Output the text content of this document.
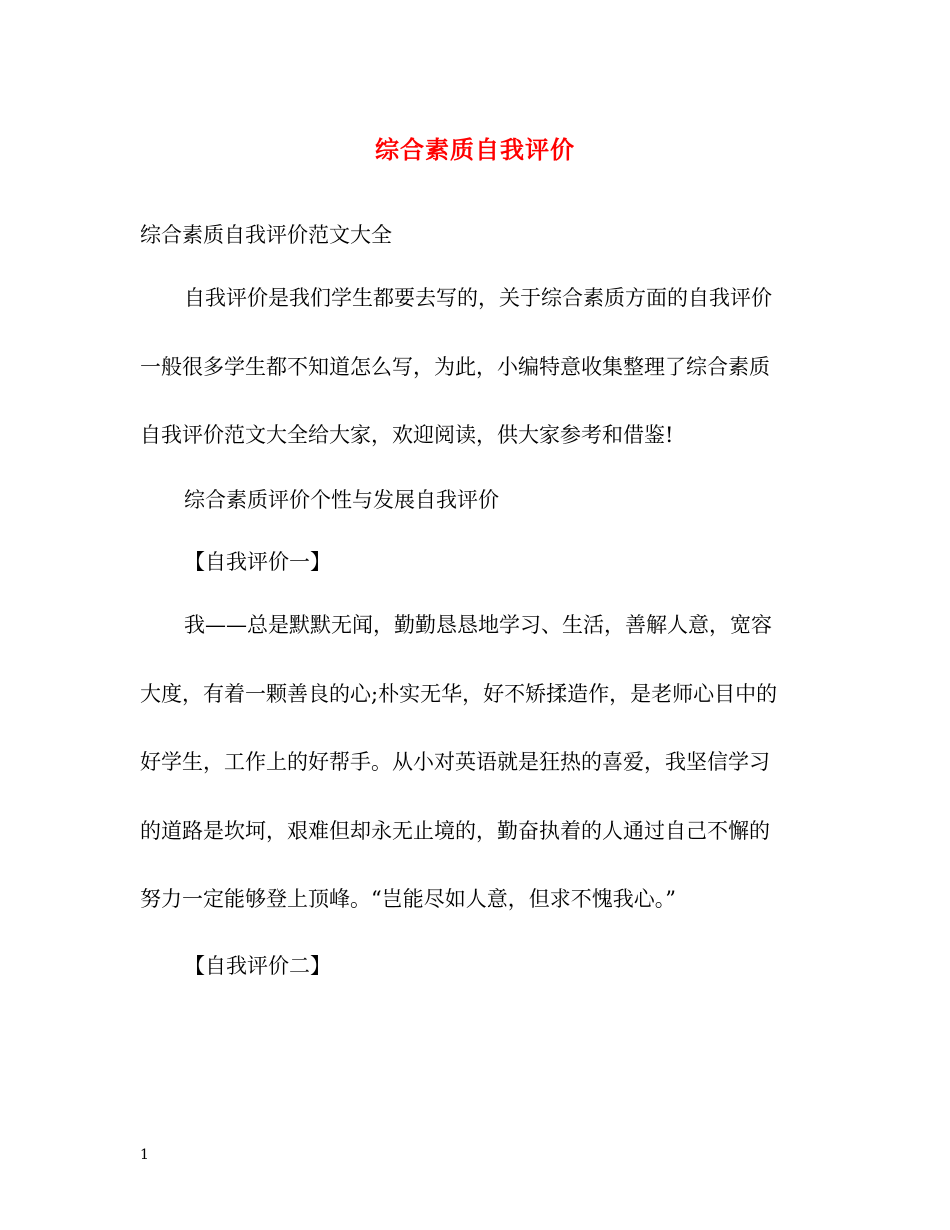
综合素质自我评价
综合素质自我评价范文大全
自我评价是我们学生都要去写的，关于综合素质方面的自我评价
一般很多学生都不知道怎么写，为此，小编特意收集整理了综合素质
自我评价范文大全给大家，欢迎阅读，供大家参考和借鉴!
综合素质评价个性与发展自我评价
【自我评价一】
我——总是默默无闻，勤勤恳恳地学习、生活，善解人意，宽容
大度，有着一颗善良的心;朴实无华，好不矫揉造作，是老师心目中的
好学生，工作上的好帮手。从小对英语就是狂热的喜爱，我坚信学习
的道路是坎坷，艰难但却永无止境的，勤奋执着的人通过自己不懈的
努力一定能够登上顶峰。“岂能尽如人意，但求不愧我心。”
【自我评价二】
1
